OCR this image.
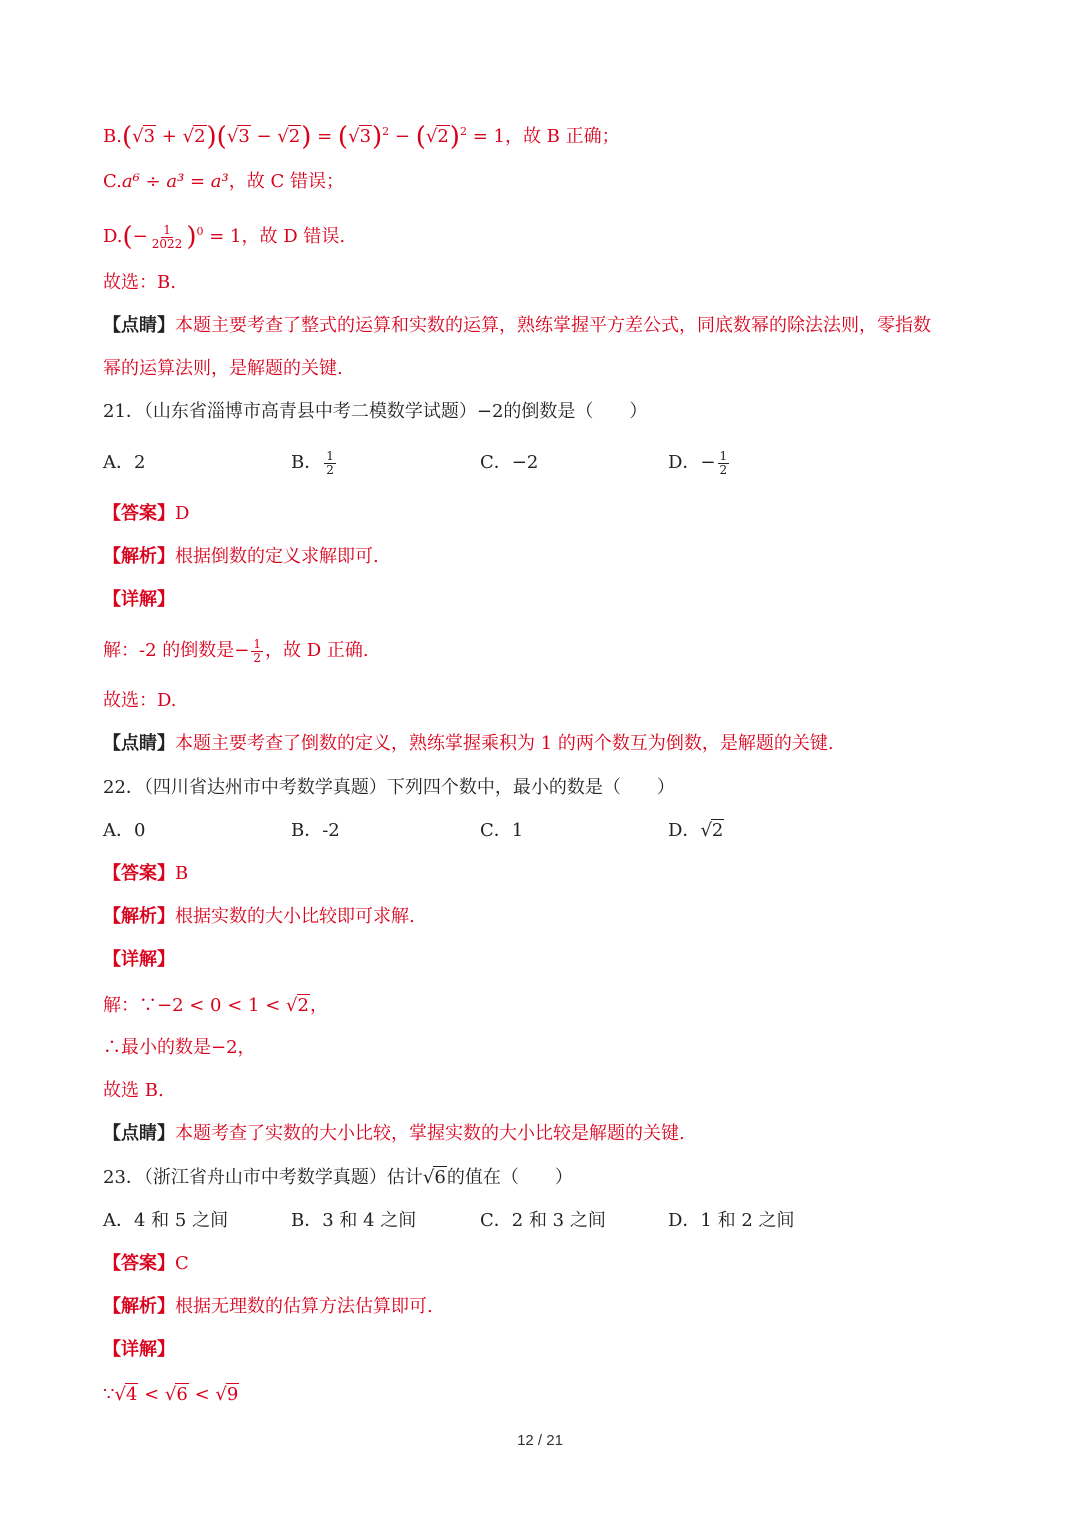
$B.(√3 + √2)(√3 - √2) = (√3)^2 - (√2)^2 = 1$，故 B 正确；
C.a⁶ ÷ a³ = a³，故 C 错误；
$D.(- \frac{1}{2022} )^0 = 1$，故 D 错误.
故选：B.
【点睛】本题主要考查了整式的运算和实数的运算，熟练掌握平方差公式，同底数幂的除法法则，零指数
幂的运算法则，是解题的关键.
21．（山东省淄博市高青县中考二模数学试题）−2的倒数是（　　）
A．2	B． $\frac{1}{2}$	C．−2	D．− $\frac{1}{2}$
【答案】D
【解析】根据倒数的定义求解即可.
【详解】
解：-2 的倒数是− $\frac{1}{2}$ ，故 D 正确.
故选：D.
【点睛】本题主要考查了倒数的定义，熟练掌握乘积为 1 的两个数互为倒数，是解题的关键.
22．（四川省达州市中考数学真题）下列四个数中，最小的数是（　　）
A．0	B．-2	C．1	D．√2
【答案】B
【解析】根据实数的大小比较即可求解.
【详解】
解：∵−2 < 0 < 1 < √2，
∴最小的数是−2，
故选 B.
【点睛】本题考查了实数的大小比较，掌握实数的大小比较是解题的关键.
23．（浙江省舟山市中考数学真题）估计√6的值在（　　）
A．4 和 5 之间	B．3 和 4 之间	C．2 和 3 之间	D．1 和 2 之间
【答案】C
【解析】根据无理数的估算方法估算即可.
【详解】
∵√4 < √6 < √9
12 / 21
